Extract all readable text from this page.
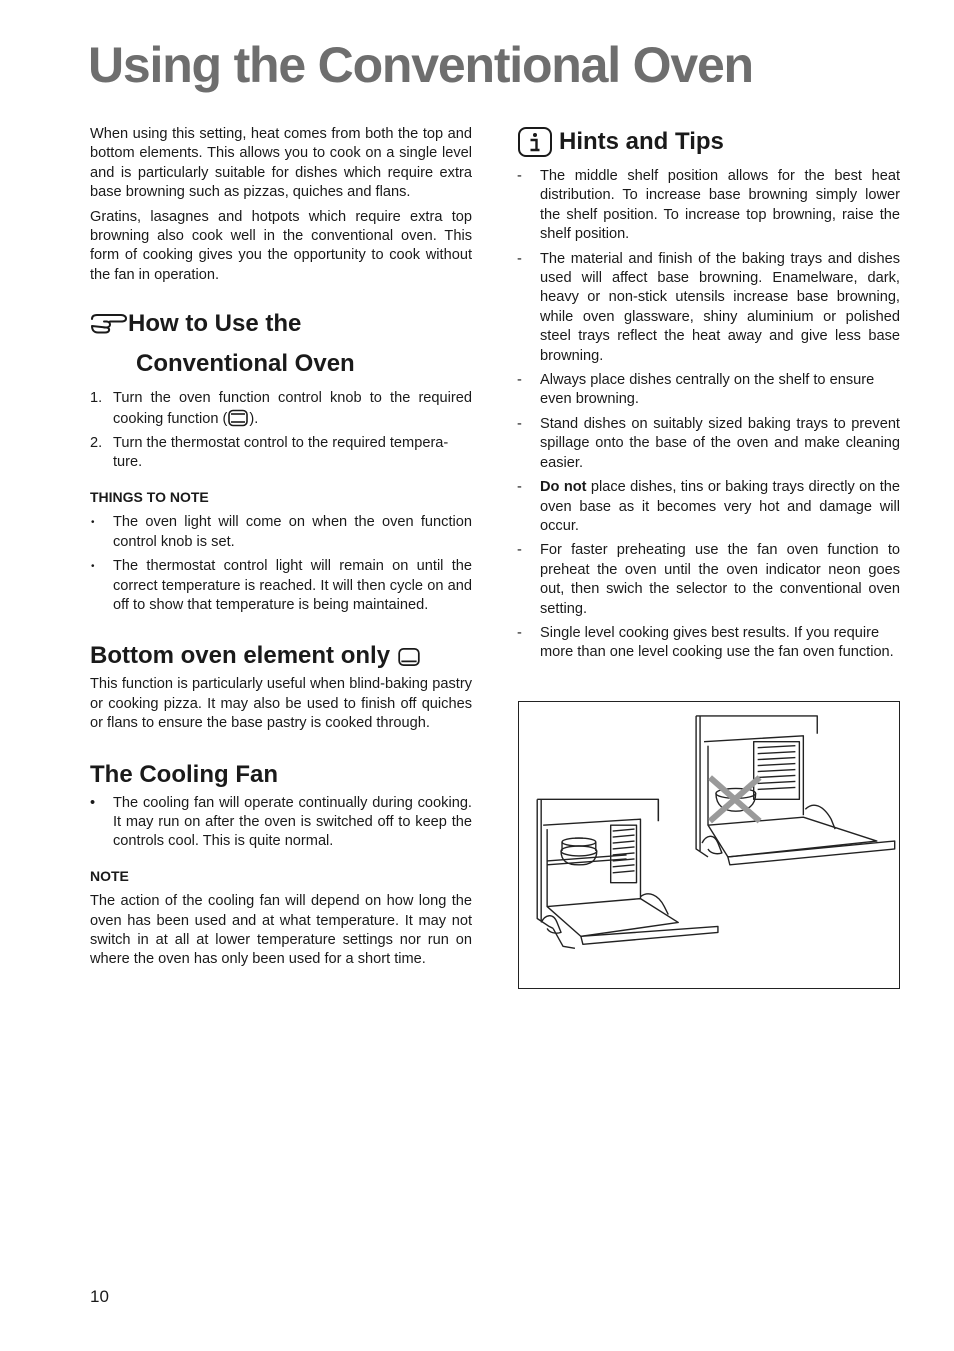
Using the Conventional Oven

When using this setting, heat comes from both the top and bottom elements. This allows you to cook on a single level and is particularly suitable for dishes which require extra base browning such as pizzas, quiches and flans.

Gratins, lasagnes and hotpots which require extra top browning also cook well in the conventional oven. This form of cooking gives you the opportunity to cook without the fan in operation.

How to Use the
Conventional Oven
1. Turn the oven function control knob to the required cooking function ( ).
2. Turn the thermostat control to the required tempera-ture.
THINGS TO NOTE
• The oven light will come on when the oven function control knob is set.
• The thermostat control light will remain on until the correct temperature is reached. It will then cycle on and off to show that temperature is being maintained.
Bottom oven element only

This function is particularly useful when blind-baking pastry or cooking pizza. It may also be used to finish off quiches or flans to ensure the base pastry is cooked through.

The Cooling Fan
• The cooling fan will operate continually during cooking. It may run on after the oven is switched off to keep the controls cool. This is quite normal.
NOTE

The action of the cooling fan will depend on how long the oven has been used and at what temperature. It may not switch in at all at lower temperature settings nor run on where the oven has only been used for a short time.

Hints and Tips
- The middle shelf position allows for the best heat distribution. To increase base browning simply lower the shelf position. To increase top browning, raise the shelf position.
- The material and finish of the baking trays and dishes used will affect base browning. Enamelware, dark, heavy or non-stick utensils increase base browning, while oven glassware, shiny aluminium or polished steel trays reflect the heat away and give less base browning.
- Always place dishes centrally on the shelf to ensure even browning.
- Stand dishes on suitably sized baking trays to prevent spillage onto the base of the oven and make cleaning easier.
- Do not place dishes, tins or baking trays directly on the oven base as it becomes very hot and damage will occur.
- For faster preheating use the fan oven function to preheat the oven until the oven indicator neon goes out, then swich the selector to the conventional oven setting.
- Single level cooking gives best results. If you require more than one level cooking use the fan oven function.
10
